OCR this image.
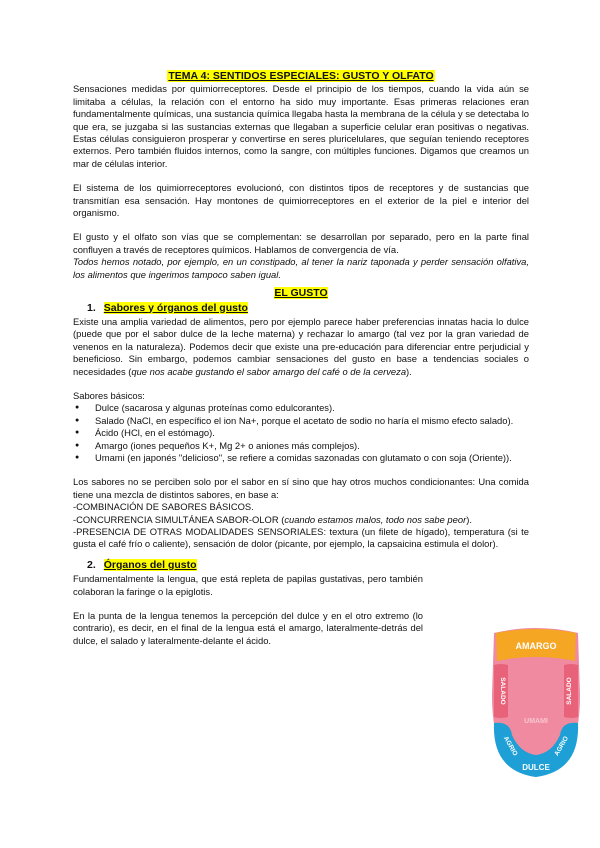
TEMA 4: SENTIDOS ESPECIALES: GUSTO Y OLFATO

Sensaciones medidas por quimiorreceptores. Desde el principio de los tiempos, cuando la vida aún se limitaba a células, la relación con el entorno ha sido muy importante. Esas primeras relaciones eran fundamentalmente químicas, una sustancia química llegaba hasta la membrana de la célula y se detectaba lo que era, se juzgaba si las sustancias externas que llegaban a superficie celular eran positivas o negativas. Estas células consiguieron prosperar y convertirse en seres pluricelulares, que seguían teniendo receptores externos. Pero también fluidos internos, como la sangre, con múltiples funciones. Digamos que creamos un mar de células interior.

El sistema de los quimiorreceptores evolucionó, con distintos tipos de receptores y de sustancias que transmitían esa sensación. Hay montones de quimiorreceptores en el exterior de la piel e interior del organismo.

El gusto y el olfato son vías que se complementan: se desarrollan por separado, pero en la parte final confluyen a través de receptores químicos. Hablamos de convergencia de vía.

Todos hemos notado, por ejemplo, en un constipado, al tener la nariz taponada y perder sensación olfativa, los alimentos que ingerimos tampoco saben igual.

EL GUSTO
1. Sabores y órganos del gusto

Existe una amplia variedad de alimentos, pero por ejemplo parece haber preferencias innatas hacia lo dulce (puede que por el sabor dulce de la leche materna) y rechazar lo amargo (tal vez por la gran variedad de venenos en la naturaleza). Podemos decir que existe una pre-educación para diferenciar entre perjudicial y beneficioso. Sin embargo, podemos cambiar sensaciones del gusto en base a tendencias sociales o necesidades (que nos acabe gustando el sabor amargo del café o de la cerveza).

Sabores básicos:

● Dulce (sacarosa y algunas proteínas como edulcorantes).
● Salado (NaCl, en específico el ion Na+, porque el acetato de sodio no haría el mismo efecto salado).
● Ácido (HCl, en el estómago).
● Amargo (iones pequeños K+, Mg 2+ o aniones más complejos).
● Umami (en japonés "delicioso", se refiere a comidas sazonadas con glutamato o con soja (Oriente)).

Los sabores no se perciben solo por el sabor en sí sino que hay otros muchos condicionantes: Una comida tiene una mezcla de distintos sabores, en base a:

-COMBINACIÓN DE SABORES BÁSICOS.

-CONCURRENCIA SIMULTÁNEA SABOR-OLOR (cuando estamos malos, todo nos sabe peor).

-PRESENCIA DE OTRAS MODALIDADES SENSORIALES: textura (un filete de hígado), temperatura (si te gusta el café frío o caliente), sensación de dolor (picante, por ejemplo, la capsaicina estimula el dolor).

2. Órganos del gusto

Fundamentalmente la lengua, que está repleta de papilas gustativas, pero también colaboran la faringe o la epiglotis.

En la punta de la lengua tenemos la percepción del dulce y en el otro extremo (lo contrario), es decir, en el final de la lengua está el amargo, lateralmente-detrás del dulce, el salado y lateralmente-delante el ácido.

AMARGO
SALADO	SALADO
UMAMI
AGRIO	AGRIO
DULCE
